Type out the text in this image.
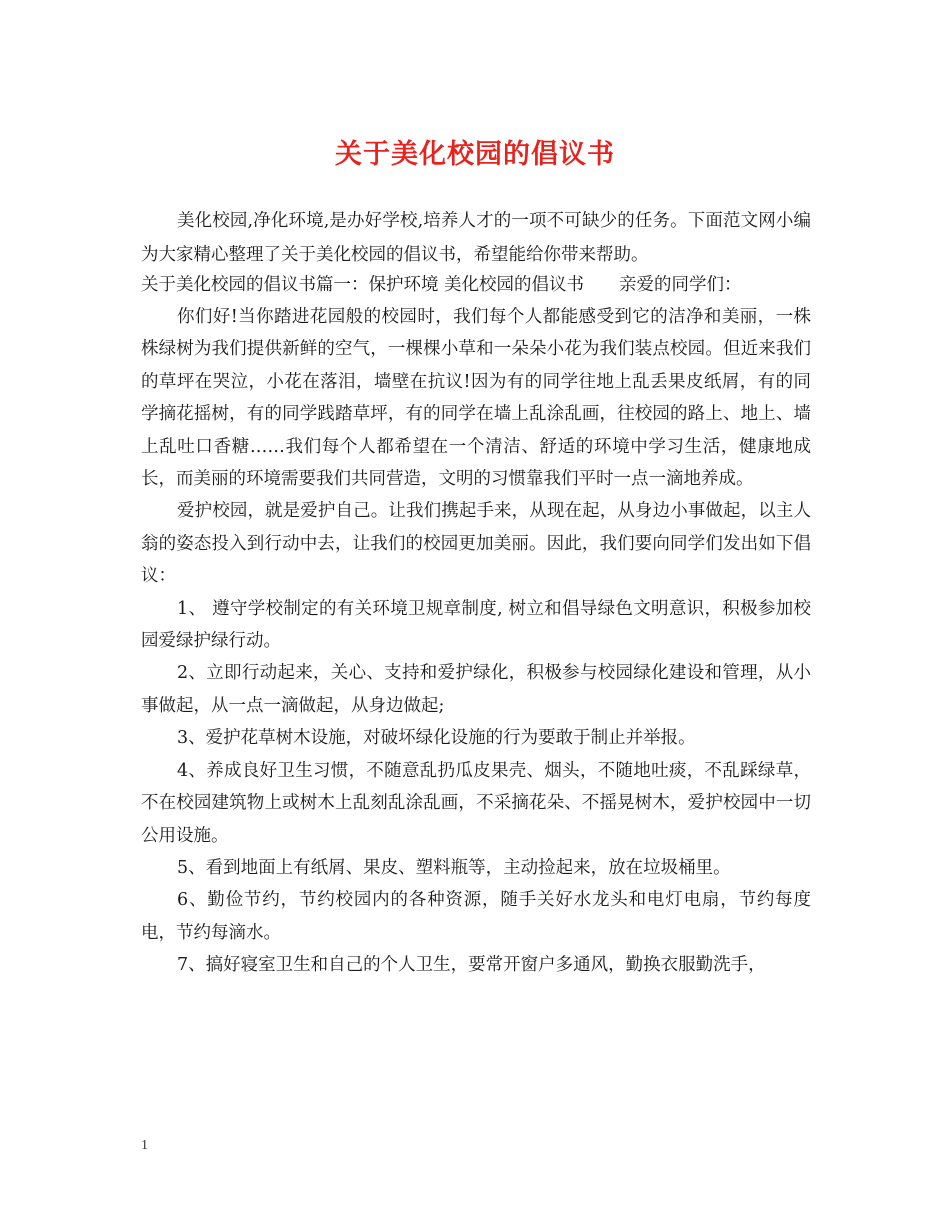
关于美化校园的倡议书

美化校园,净化环境,是办好学校,培养人才的一项不可缺少的任务。下面范文网小编为大家精心整理了关于美化校园的倡议书，希望能给你带来帮助。

关于美化校园的倡议书篇一：保护环境 美化校园的倡议书　　亲爱的同学们：

你们好!当你踏进花园般的校园时，我们每个人都能感受到它的洁净和美丽，一株株绿树为我们提供新鲜的空气，一棵棵小草和一朵朵小花为我们装点校园。但近来我们的草坪在哭泣，小花在落泪，墙壁在抗议!因为有的同学往地上乱丢果皮纸屑，有的同学摘花摇树，有的同学践踏草坪，有的同学在墙上乱涂乱画，往校园的路上、地上、墙上乱吐口香糖……我们每个人都希望在一个清洁、舒适的环境中学习生活，健康地成长，而美丽的环境需要我们共同营造，文明的习惯靠我们平时一点一滴地养成。

爱护校园，就是爱护自己。让我们携起手来，从现在起，从身边小事做起，以主人翁的姿态投入到行动中去，让我们的校园更加美丽。因此，我们要向同学们发出如下倡议：

1、 遵守学校制定的有关环境卫规章制度, 树立和倡导绿色文明意识，积极参加校园爱绿护绿行动。

2、立即行动起来，关心、支持和爱护绿化，积极参与校园绿化建设和管理，从小事做起，从一点一滴做起，从身边做起;

3、爱护花草树木设施，对破坏绿化设施的行为要敢于制止并举报。

4、养成良好卫生习惯，不随意乱扔瓜皮果壳、烟头，不随地吐痰，不乱踩绿草，不在校园建筑物上或树木上乱刻乱涂乱画，不采摘花朵、不摇晃树木，爱护校园中一切公用设施。

5、看到地面上有纸屑、果皮、塑料瓶等，主动捡起来，放在垃圾桶里。

6、勤俭节约，节约校园内的各种资源，随手关好水龙头和电灯电扇，节约每度电，节约每滴水。

7、搞好寝室卫生和自己的个人卫生，要常开窗户多通风，勤换衣服勤洗手，

1
